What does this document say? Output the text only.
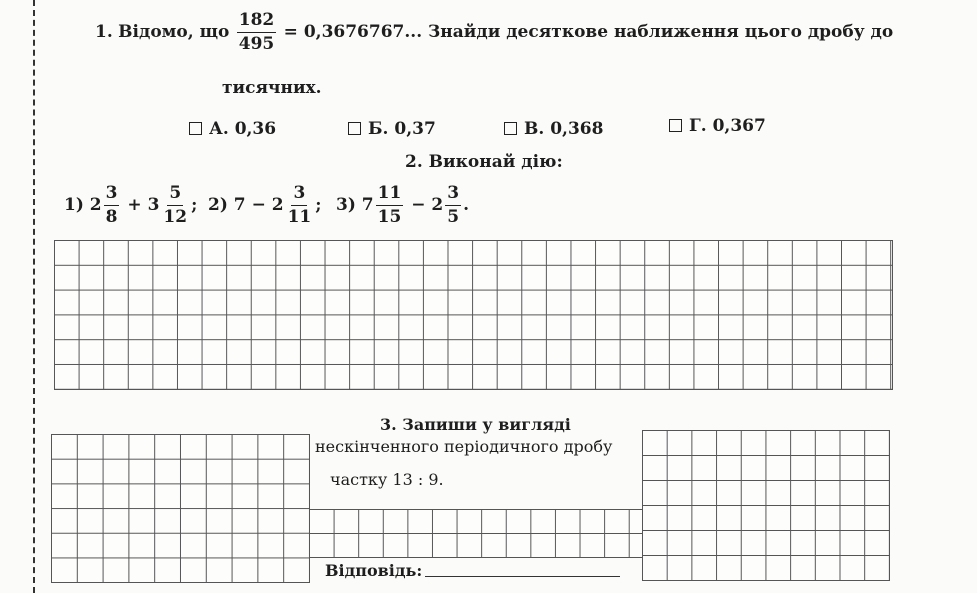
1. Відомо, що $\frac{182}{495} = 0,3676767$... Знайди десяткове наближення цього дробу до
тисячних.
А. 0,36	Б. 0,37	В. 0,368	Г. 0,367
2. Виконай дію:
1) $2 \frac{3}{8} + 3 \frac{5}{12}$ ; 2) $7 - 2 \frac{3}{11}$ ; 3) $7 \frac{11}{15} - 2 \frac{3}{5}$ .
3. Запиши у вигляді
нескінченного періодичного дробу
частку 13 : 9.
Відповідь:
